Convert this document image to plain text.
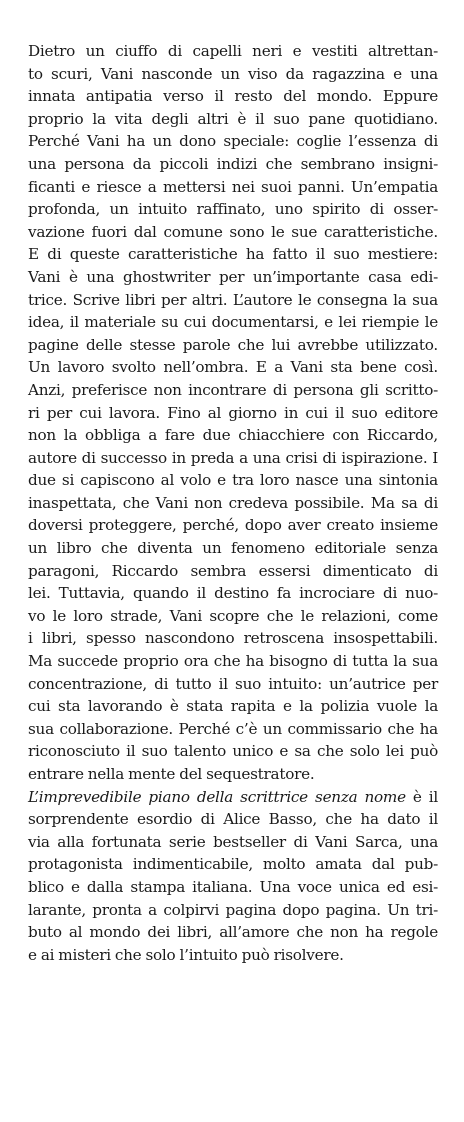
Dietro un ciuffo di capelli neri e vestiti altrettan-
to scuri, Vani nasconde un viso da ragazzina e una
innata antipatia verso il resto del mondo. Eppure
proprio la vita degli altri è il suo pane quotidiano.
Perché Vani ha un dono speciale: coglie l’essenza di
una persona da piccoli indizi che sembrano insigni-
ficanti e riesce a mettersi nei suoi panni. Un’empatia
profonda, un intuito raffinato, uno spirito di osser-
vazione fuori dal comune sono le sue caratteristiche.
E di queste caratteristiche ha fatto il suo mestiere:
Vani è una ghostwriter per un’importante casa edi-
trice. Scrive libri per altri. L’autore le consegna la sua
idea, il materiale su cui documentarsi, e lei riempie le
pagine delle stesse parole che lui avrebbe utilizzato.
Un lavoro svolto nell’ombra. E a Vani sta bene così.
Anzi, preferisce non incontrare di persona gli scritto-
ri per cui lavora. Fino al giorno in cui il suo editore
non la obbliga a fare due chiacchiere con Riccardo,
autore di successo in preda a una crisi di ispirazione. I
due si capiscono al volo e tra loro nasce una sintonia
inaspettata, che Vani non credeva possibile. Ma sa di
doversi proteggere, perché, dopo aver creato insieme
un libro che diventa un fenomeno editoriale senza
paragoni, Riccardo sembra essersi dimenticato di
lei. Tuttavia, quando il destino fa incrociare di nuo-
vo le loro strade, Vani scopre che le relazioni, come
i libri, spesso nascondono retroscena insospettabili.
Ma succede proprio ora che ha bisogno di tutta la sua
concentrazione, di tutto il suo intuito: un’autrice per
cui sta lavorando è stata rapita e la polizia vuole la
sua collaborazione. Perché c’è un commissario che ha
riconosciuto il suo talento unico e sa che solo lei può
entrare nella mente del sequestratore.
L’imprevedibile piano della scrittrice senza nome è il
sorprendente esordio di Alice Basso, che ha dato il
via alla fortunata serie bestseller di Vani Sarca, una
protagonista indimenticabile, molto amata dal pub-
blico e dalla stampa italiana. Una voce unica ed esi-
larante, pronta a colpirvi pagina dopo pagina. Un tri-
buto al mondo dei libri, all’amore che non ha regole
e ai misteri che solo l’intuito può risolvere.
